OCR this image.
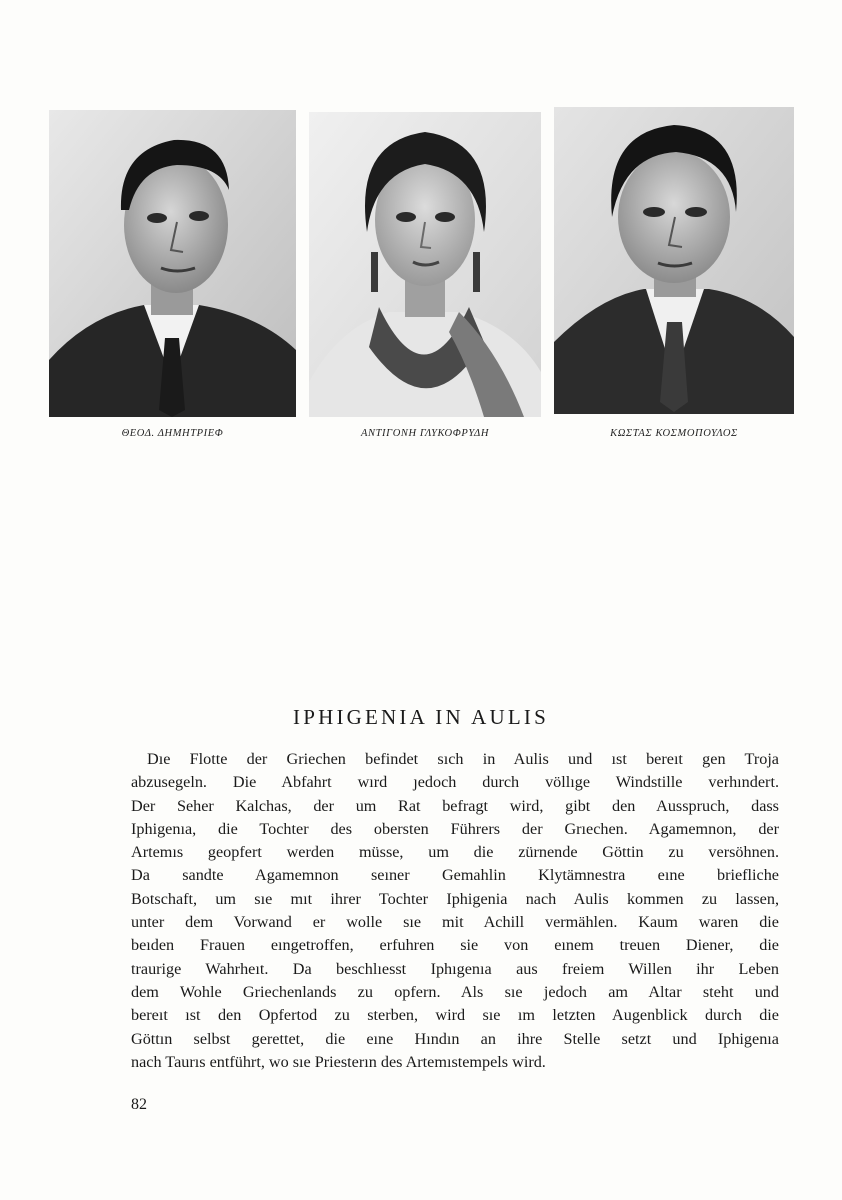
ΘΕΟΔ. ΔΗΜΗΤΡΙΕΦ	ΑΝΤΙΓΟΝΗ ΓΛΥΚΟΦΡΥΔΗ	ΚΩΣΤΑΣ ΚΟΣΜΟΠΟΥΛΟΣ
IPHIGENIA IN AULIS
Dıe Flotte der Griechen befindet sıch in Aulis und ıst bereıt gen Troja
abzusegeln. Die Abfahrt wırd ȷedoch durch völlıge Windstille verhındert.
Der Seher Kalchas, der um Rat befragt wird, gibt den Ausspruch, dass
Iphigenıa, die Tochter des obersten Führers der Grıechen. Agamemnon, der
Artemıs geopfert werden müsse, um die zürnende Göttin zu versöhnen.
Da sandte Agamemnon seıner Gemahlin Klytämnestra eıne briefliche
Botschaft, um sıe mıt ihrer Tochter Iphigenia nach Aulis kommen zu lassen,
unter dem Vorwand er wolle sıe mit Achill vermählen. Kaum waren die
beıden Frauen eıngetroffen, erfuhren sie von eınem treuen Diener, die
traurige Wahrheıt. Da beschlıesst Iphıgenıa aus freiem Willen ihr Leben
dem Wohle Griechenlands zu opfern. Als sıe jedoch am Altar steht und
bereıt ıst den Opfertod zu sterben, wird sıe ım letzten Augenblick durch die
Göttın selbst gerettet, die eıne Hındın an ihre Stelle setzt und Iphigenıa
nach Taurıs entführt, wo sıe Priesterın des Artemıstempels wird.
82
